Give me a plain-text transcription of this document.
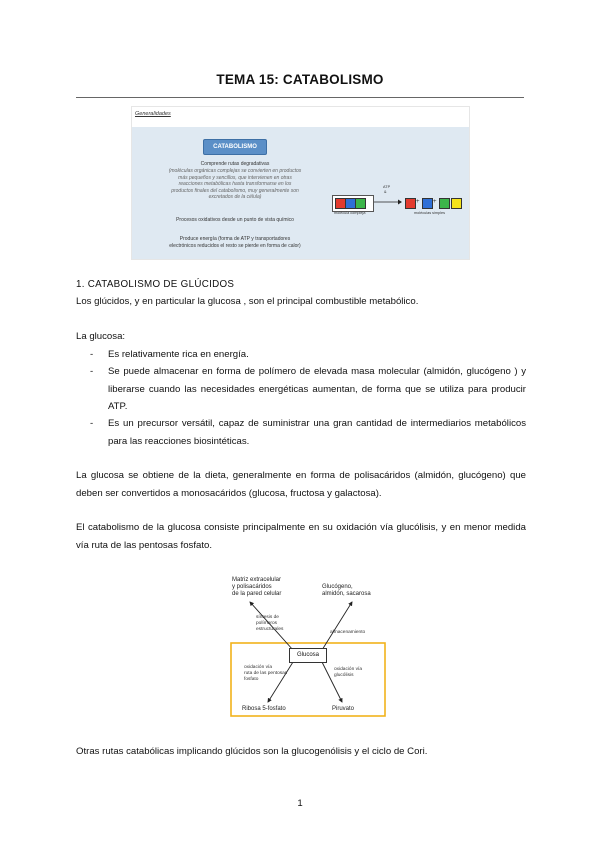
TEMA 15: CATABOLISMO
Generalidades
CATABOLISMO
Comprende rutas degradativas
(moléculas orgánicas complejas se convierten en productos
más pequeños y sencillos, que intervienen en otras
reacciones metabólicas hasta transformarse en los
productos finales del catabolismo, muy generalmente son
excretados de la célula)
Procesos oxidativos desde un punto de vista químico
Produce energía (forma de ATP y transportadores
electrónicos reducidos el resto se pierde en forma de calor)
ATP
&
+ +
molécula compleja	moléculas simples
1. CATABOLISMO DE GLÚCIDOS
Los glúcidos, y en particular la glucosa , son el principal combustible metabólico.
La glucosa:
- Es relativamente rica en energía.
- Se puede almacenar en forma de polímero de elevada masa molecular (almidón, glucógeno ) y liberarse cuando las necesidades energéticas aumentan, de forma que se utiliza para producir ATP.
- Es un precursor versátil, capaz de suministrar una gran cantidad de intermediarios metabólicos para las reacciones biosintéticas.
La glucosa se obtiene de la dieta, generalmente en forma de polisacáridos (almidón, glucógeno) que deben ser convertidos a monosacáridos (glucosa, fructosa y galactosa).
El catabolismo de la glucosa consiste principalmente en su oxidación vía glucólisis, y en menor medida vía ruta de las pentosas fosfato.
Matriz extracelular
y polisacáridos
de la pared celular
Glucógeno,
almidón, sacarosa
síntesis de
polímeros
estructurales
almacenamiento
Glucosa
oxidación vía
ruta de las pentosas
fosfato
oxidación vía
glucólisis
Ribosa 5-fosfato	Piruvato
Otras rutas catabólicas implicando glúcidos son la glucogenólisis y el ciclo de Cori.
1
